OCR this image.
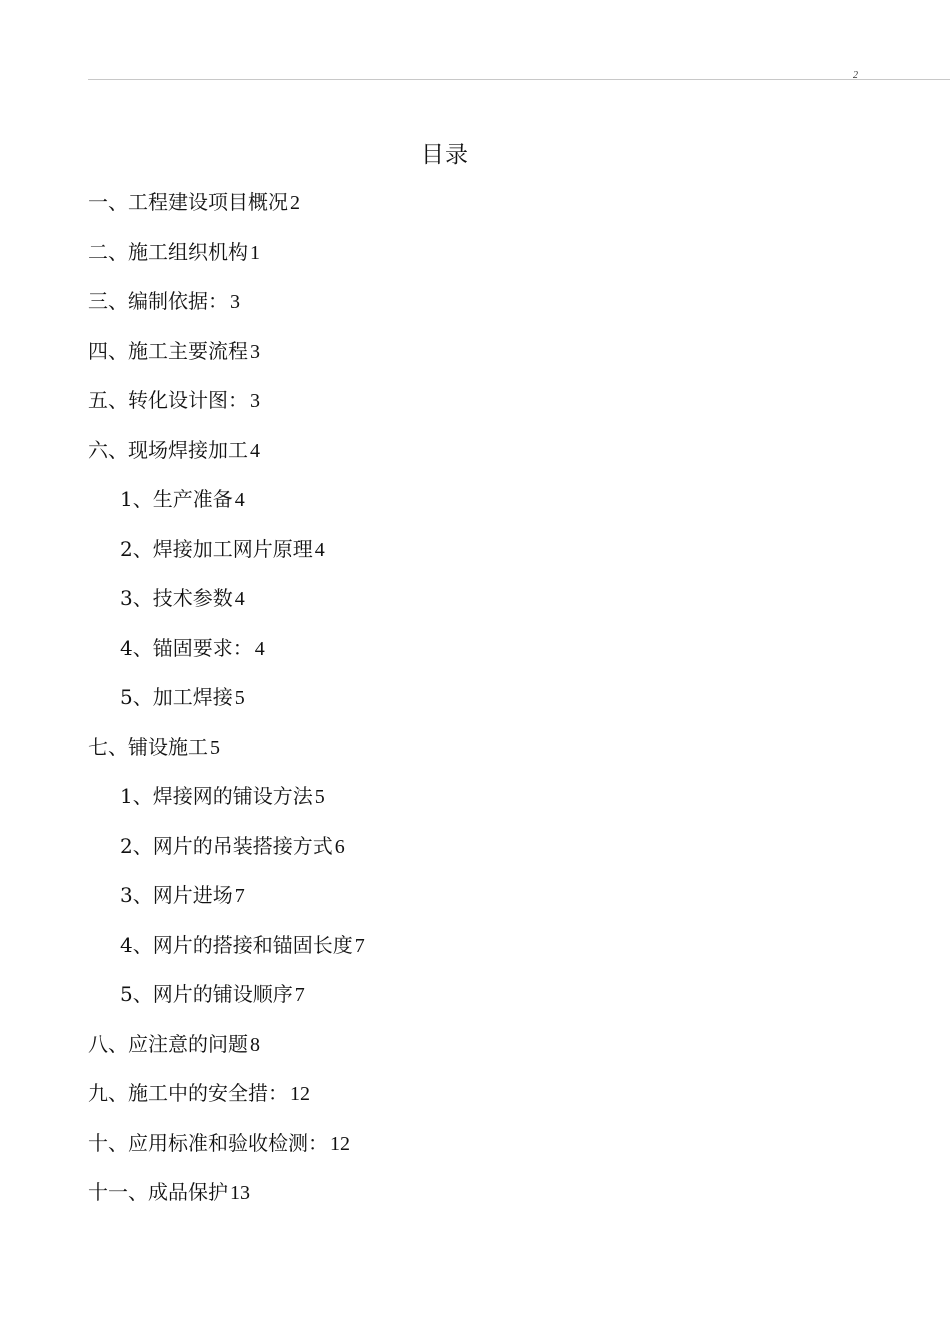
2
目录
一、工程建设项目概况 2
二、施工组织机构 1
三、编制依据： 3
四、施工主要流程 3
五、转化设计图： 3
六、现场焊接加工 4
1、生产准备 4
2、焊接加工网片原理 4
3、技术参数 4
4、锚固要求： 4
5、加工焊接 5
七、铺设施工 5
1、焊接网的铺设方法 5
2、网片的吊装搭接方式 6
3、网片进场 7
4、网片的搭接和锚固长度 7
5、网片的铺设顺序 7
八、应注意的问题 8
九、施工中的安全措： 12
十、应用标准和验收检测： 12
十一、成品保护 13
